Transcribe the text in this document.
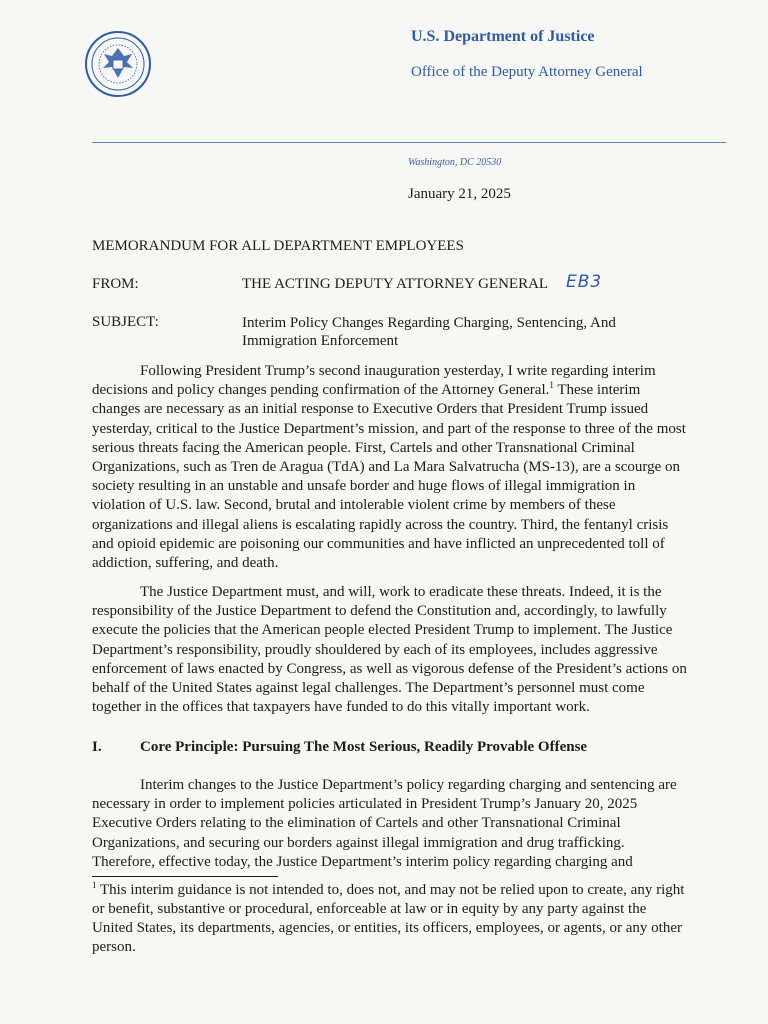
U.S. Department of Justice
Office of the Deputy Attorney General
Washington, DC 20530
January 21, 2025
MEMORANDUM FOR ALL DEPARTMENT EMPLOYEES
FROM:	THE ACTING DEPUTY ATTORNEY GENERAL EB3
SUBJECT:	Interim Policy Changes Regarding Charging, Sentencing, And Immigration Enforcement

Following President Trump’s second inauguration yesterday, I write regarding interim decisions and policy changes pending confirmation of the Attorney General.$^1$ These interim changes are necessary as an initial response to Executive Orders that President Trump issued yesterday, critical to the Justice Department’s mission, and part of the response to three of the most serious threats facing the American people. First, Cartels and other Transnational Criminal Organizations, such as Tren de Aragua (TdA) and La Mara Salvatrucha (MS-13), are a scourge on society resulting in an unstable and unsafe border and huge flows of illegal immigration in violation of U.S. law. Second, brutal and intolerable violent crime by members of these organizations and illegal aliens is escalating rapidly across the country. Third, the fentanyl crisis and opioid epidemic are poisoning our communities and have inflicted an unprecedented toll of addiction, suffering, and death.

The Justice Department must, and will, work to eradicate these threats. Indeed, it is the responsibility of the Justice Department to defend the Constitution and, accordingly, to lawfully execute the policies that the American people elected President Trump to implement. The Justice Department’s responsibility, proudly shouldered by each of its employees, includes aggressive enforcement of laws enacted by Congress, as well as vigorous defense of the President’s actions on behalf of the United States against legal challenges. The Department’s personnel must come together in the offices that taxpayers have funded to do this vitally important work.

I.	Core Principle: Pursuing The Most Serious, Readily Provable Offense

Interim changes to the Justice Department’s policy regarding charging and sentencing are necessary in order to implement policies articulated in President Trump’s January 20, 2025 Executive Orders relating to the elimination of Cartels and other Transnational Criminal Organizations, and securing our borders against illegal immigration and drug trafficking. Therefore, effective today, the Justice Department’s interim policy regarding charging and

$^1$ This interim guidance is not intended to, does not, and may not be relied upon to create, any right or benefit, substantive or procedural, enforceable at law or in equity by any party against the United States, its departments, agencies, or entities, its officers, employees, or agents, or any other person.
